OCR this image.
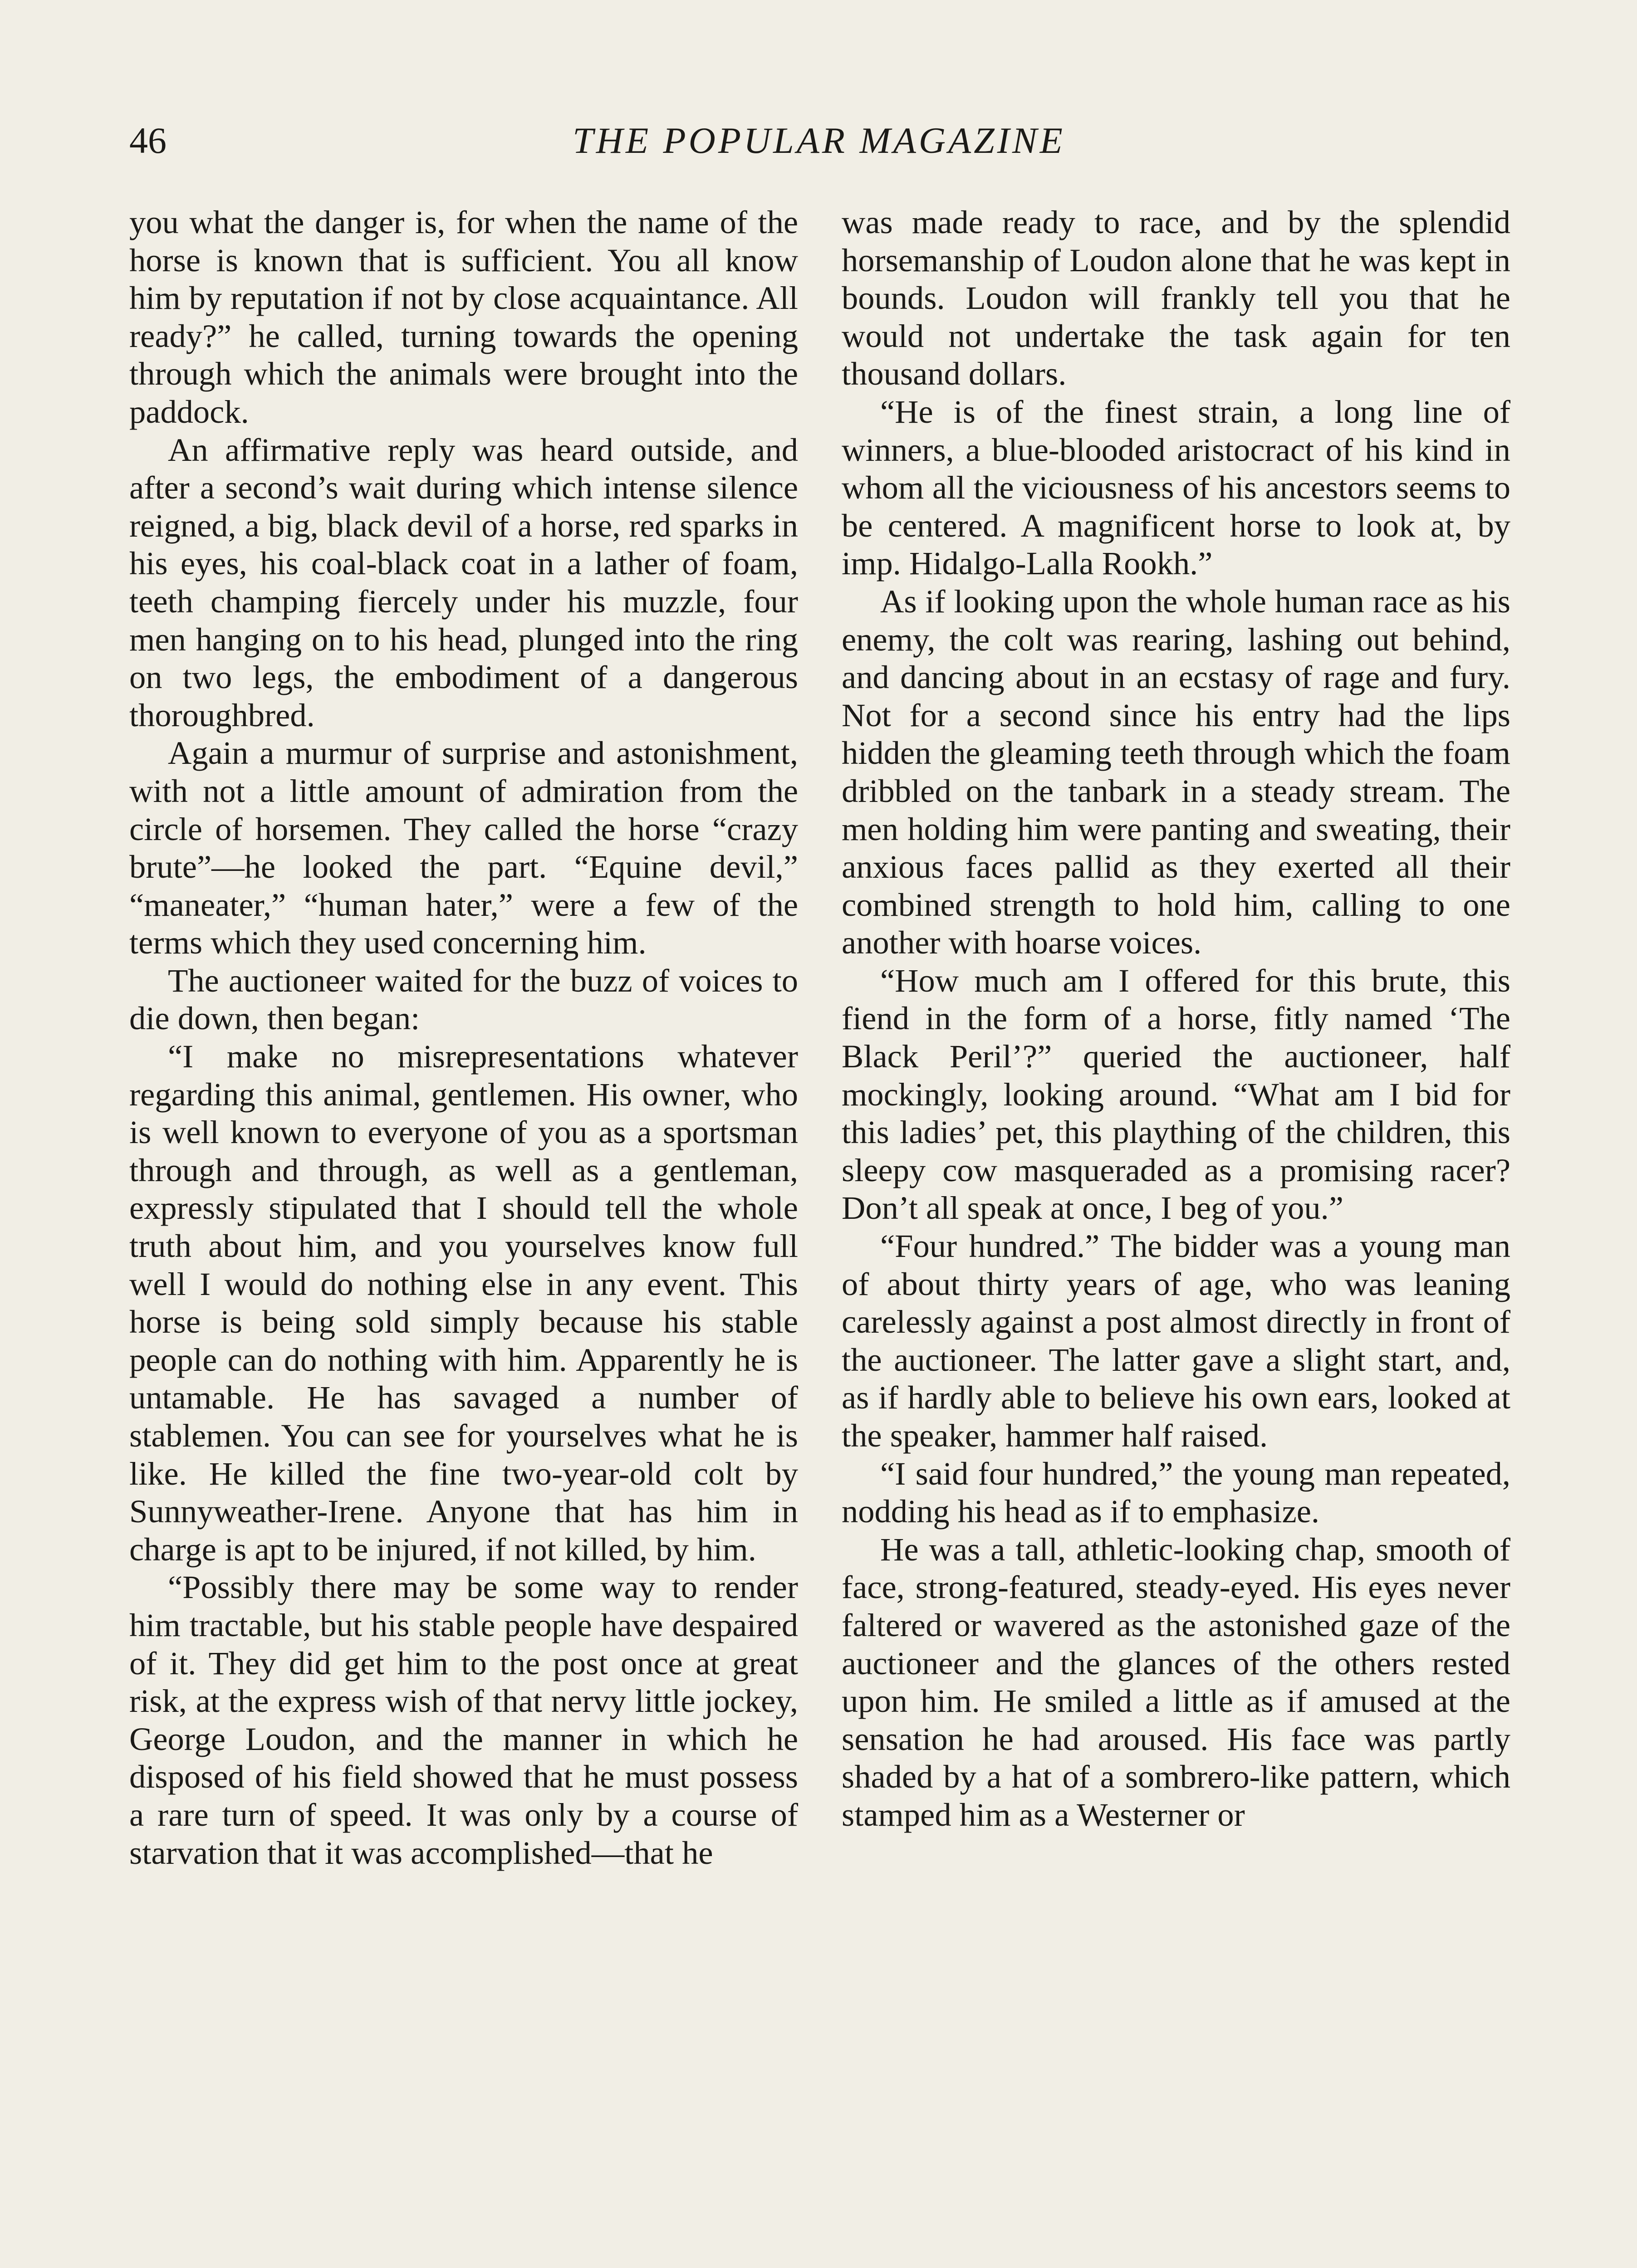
46	THE POPULAR MAGAZINE

you what the danger is, for when the name of the horse is known that is sufficient. You all know him by reputation if not by close acquaintance. All ready?” he called, turning towards the opening through which the animals were brought into the paddock.

An affirmative reply was heard outside, and after a second’s wait during which intense silence reigned, a big, black devil of a horse, red sparks in his eyes, his coal-black coat in a lather of foam, teeth champing fiercely under his muzzle, four men hanging on to his head, plunged into the ring on two legs, the embodiment of a dangerous thoroughbred.

Again a murmur of surprise and astonishment, with not a little amount of admiration from the circle of horsemen. They called the horse “crazy brute”—he looked the part. “Equine devil,” “maneater,” “human hater,” were a few of the terms which they used concerning him.

The auctioneer waited for the buzz of voices to die down, then began:

“I make no misrepresentations whatever regarding this animal, gentlemen. His owner, who is well known to everyone of you as a sportsman through and through, as well as a gentleman, expressly stipulated that I should tell the whole truth about him, and you yourselves know full well I would do nothing else in any event. This horse is being sold simply because his stable people can do nothing with him. Apparently he is untamable. He has savaged a number of stablemen. You can see for yourselves what he is like. He killed the fine two-year-old colt by Sunnyweather-Irene. Anyone that has him in charge is apt to be injured, if not killed, by him.

“Possibly there may be some way to render him tractable, but his stable people have despaired of it. They did get him to the post once at great risk, at the express wish of that nervy little jockey, George Loudon, and the manner in which he disposed of his field showed that he must possess a rare turn of speed. It was only by a course of starvation that it was accomplished—that he

was made ready to race, and by the splendid horsemanship of Loudon alone that he was kept in bounds. Loudon will frankly tell you that he would not undertake the task again for ten thousand dollars.

“He is of the finest strain, a long line of winners, a blue-blooded aristocract of his kind in whom all the viciousness of his ancestors seems to be centered. A magnificent horse to look at, by imp. Hidalgo-Lalla Rookh.”

As if looking upon the whole human race as his enemy, the colt was rearing, lashing out behind, and dancing about in an ecstasy of rage and fury. Not for a second since his entry had the lips hidden the gleaming teeth through which the foam dribbled on the tanbark in a steady stream. The men holding him were panting and sweating, their anxious faces pallid as they exerted all their combined strength to hold him, calling to one another with hoarse voices.

“How much am I offered for this brute, this fiend in the form of a horse, fitly named ‘The Black Peril’?” queried the auctioneer, half mockingly, looking around. “What am I bid for this ladies’ pet, this plaything of the children, this sleepy cow masqueraded as a promising racer? Don’t all speak at once, I beg of you.”

“Four hundred.” The bidder was a young man of about thirty years of age, who was leaning carelessly against a post almost directly in front of the auctioneer. The latter gave a slight start, and, as if hardly able to believe his own ears, looked at the speaker, hammer half raised.

“I said four hundred,” the young man repeated, nodding his head as if to emphasize.

He was a tall, athletic-looking chap, smooth of face, strong-featured, steady-eyed. His eyes never faltered or wavered as the astonished gaze of the auctioneer and the glances of the others rested upon him. He smiled a little as if amused at the sensation he had aroused. His face was partly shaded by a hat of a sombrero-like pattern, which stamped him as a Westerner or
